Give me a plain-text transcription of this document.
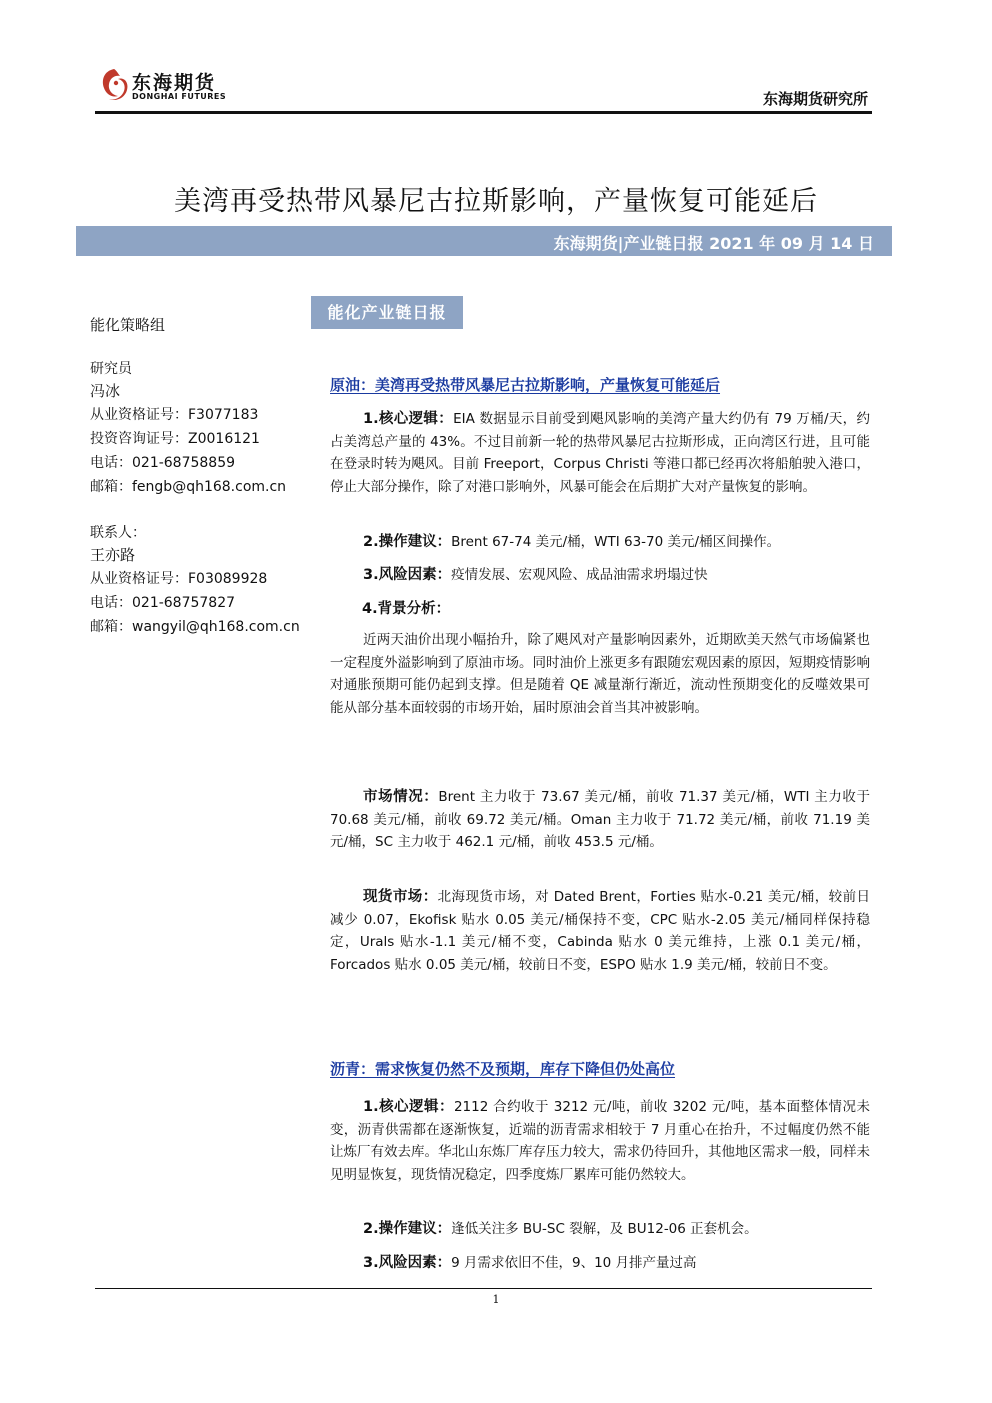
东海期货
DONGHAI FUTURES	东海期货研究所
美湾再受热带风暴尼古拉斯影响，产量恢复可能延后
东海期货|产业链日报 2021 年 09 月 14 日
能化策略组
研究员
冯冰
从业资格证号：F3077183
投资咨询证号：Z0016121
电话：021-68758859
邮箱：fengb@qh168.com.cn
联系人：
王亦路
从业资格证号：F03089928
电话：021-68757827
邮箱：wangyil@qh168.com.cn
能化产业链日报
原油：美湾再受热带风暴尼古拉斯影响，产量恢复可能延后
1.核心逻辑：EIA 数据显示目前受到飓风影响的美湾产量大约仍有 79 万桶/天，约占美湾总产量的 43%。不过目前新一轮的热带风暴尼古拉斯形成，正向湾区行进，且可能在登录时转为飓风。目前 Freeport，Corpus Christi 等港口都已经再次将船舶驶入港口，停止大部分操作，除了对港口影响外，风暴可能会在后期扩大对产量恢复的影响。
2.操作建议：Brent 67-74 美元/桶，WTI 63-70 美元/桶区间操作。
3.风险因素：疫情发展、宏观风险、成品油需求坍塌过快
4.背景分析：
近两天油价出现小幅抬升，除了飓风对产量影响因素外，近期欧美天然气市场偏紧也一定程度外溢影响到了原油市场。同时油价上涨更多有跟随宏观因素的原因，短期疫情影响对通胀预期可能仍起到支撑。但是随着 QE 减量渐行渐近，流动性预期变化的反噬效果可能从部分基本面较弱的市场开始，届时原油会首当其冲被影响。
市场情况：Brent 主力收于 73.67 美元/桶，前收 71.37 美元/桶，WTI 主力收于 70.68 美元/桶，前收 69.72 美元/桶。Oman 主力收于 71.72 美元/桶，前收 71.19 美元/桶，SC 主力收于 462.1 元/桶，前收 453.5 元/桶。
现货市场：北海现货市场，对 Dated Brent，Forties 贴水-0.21 美元/桶，较前日减少 0.07，Ekofisk 贴水 0.05 美元/桶保持不变，CPC 贴水-2.05 美元/桶同样保持稳定，Urals 贴水-1.1 美元/桶不变，Cabinda 贴水 0 美元维持，上涨 0.1 美元/桶，Forcados 贴水 0.05 美元/桶，较前日不变，ESPO 贴水 1.9 美元/桶，较前日不变。
沥青：需求恢复仍然不及预期，库存下降但仍处高位
1.核心逻辑：2112 合约收于 3212 元/吨，前收 3202 元/吨，基本面整体情况未变，沥青供需都在逐渐恢复，近端的沥青需求相较于 7 月重心在抬升，不过幅度仍然不能让炼厂有效去库。华北山东炼厂库存压力较大，需求仍待回升，其他地区需求一般，同样未见明显恢复，现货情况稳定，四季度炼厂累库可能仍然较大。
2.操作建议：逢低关注多 BU-SC 裂解，及 BU12-06 正套机会。
3.风险因素：9 月需求依旧不佳，9、10 月排产量过高
1
